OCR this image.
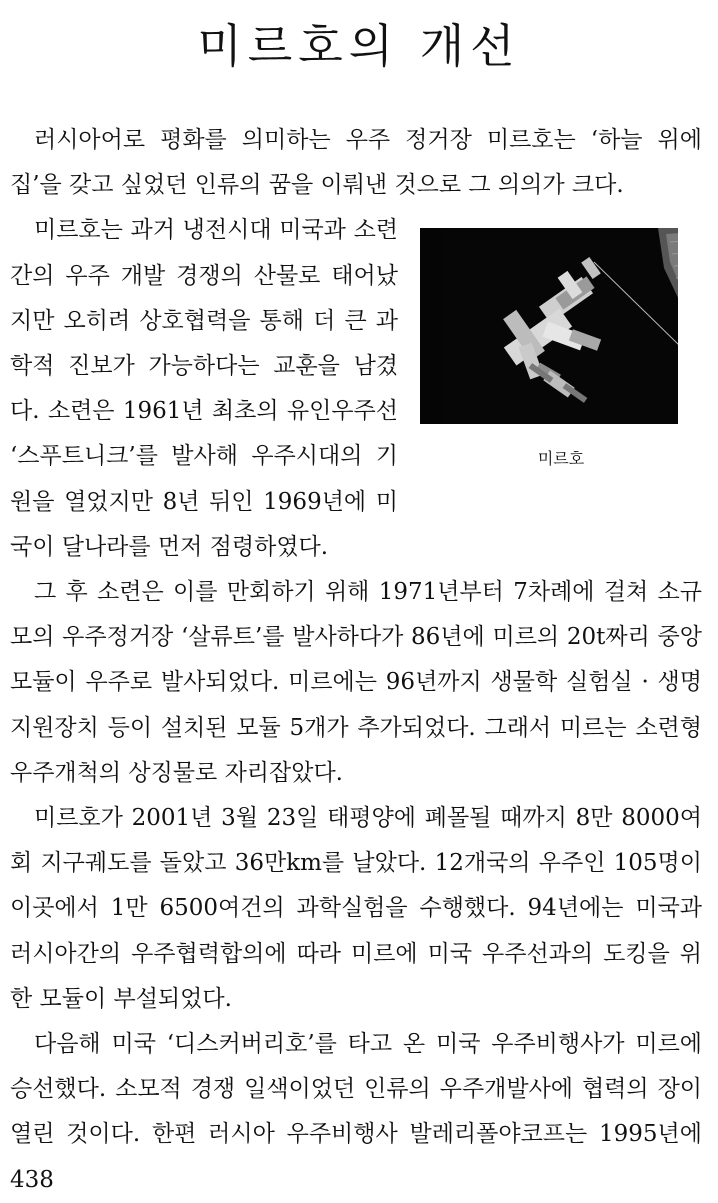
미르호의 개선

러시아어로 평화를 의미하는 우주 정거장 미르호는 ‘하늘 위에 집’을 갖고 싶었던 인류의 꿈을 이뤄낸 것으로 그 의의가 크다.

미르호
미르호는 과거 냉전시대 미국과 소련간의 우주 개발 경쟁의 산물로 태어났지만 오히려 상호협력을 통해 더 큰 과학적 진보가 가능하다는 교훈을 남겼다. 소련은 1961년 최초의 유인우주선 ‘스푸트니크’를 발사해 우주시대의 기원을 열었지만 8년 뒤인 1969년에 미국이 달나라를 먼저 점령하였다.

그 후 소련은 이를 만회하기 위해 1971년부터 7차례에 걸쳐 소규모의 우주정거장 ‘살류트’를 발사하다가 86년에 미르의 20t짜리 중앙모듈이 우주로 발사되었다. 미르에는 96년까지 생물학 실험실 · 생명지원장치 등이 설치된 모듈 5개가 추가되었다. 그래서 미르는 소련형 우주개척의 상징물로 자리잡았다.

미르호가 2001년 3월 23일 태평양에 폐몰될 때까지 8만 8000여회 지구궤도를 돌았고 36만km를 날았다. 12개국의 우주인 105명이 이곳에서 1만 6500여건의 과학실험을 수행했다. 94년에는 미국과 러시아간의 우주협력합의에 따라 미르에 미국 우주선과의 도킹을 위한 모듈이 부설되었다.

다음해 미국 ‘디스커버리호’를 타고 온 미국 우주비행사가 미르에 승선했다. 소모적 경쟁 일색이었던 인류의 우주개발사에 협력의 장이 열린 것이다. 한편 러시아 우주비행사 발레리폴야코프는 1995년에 438
